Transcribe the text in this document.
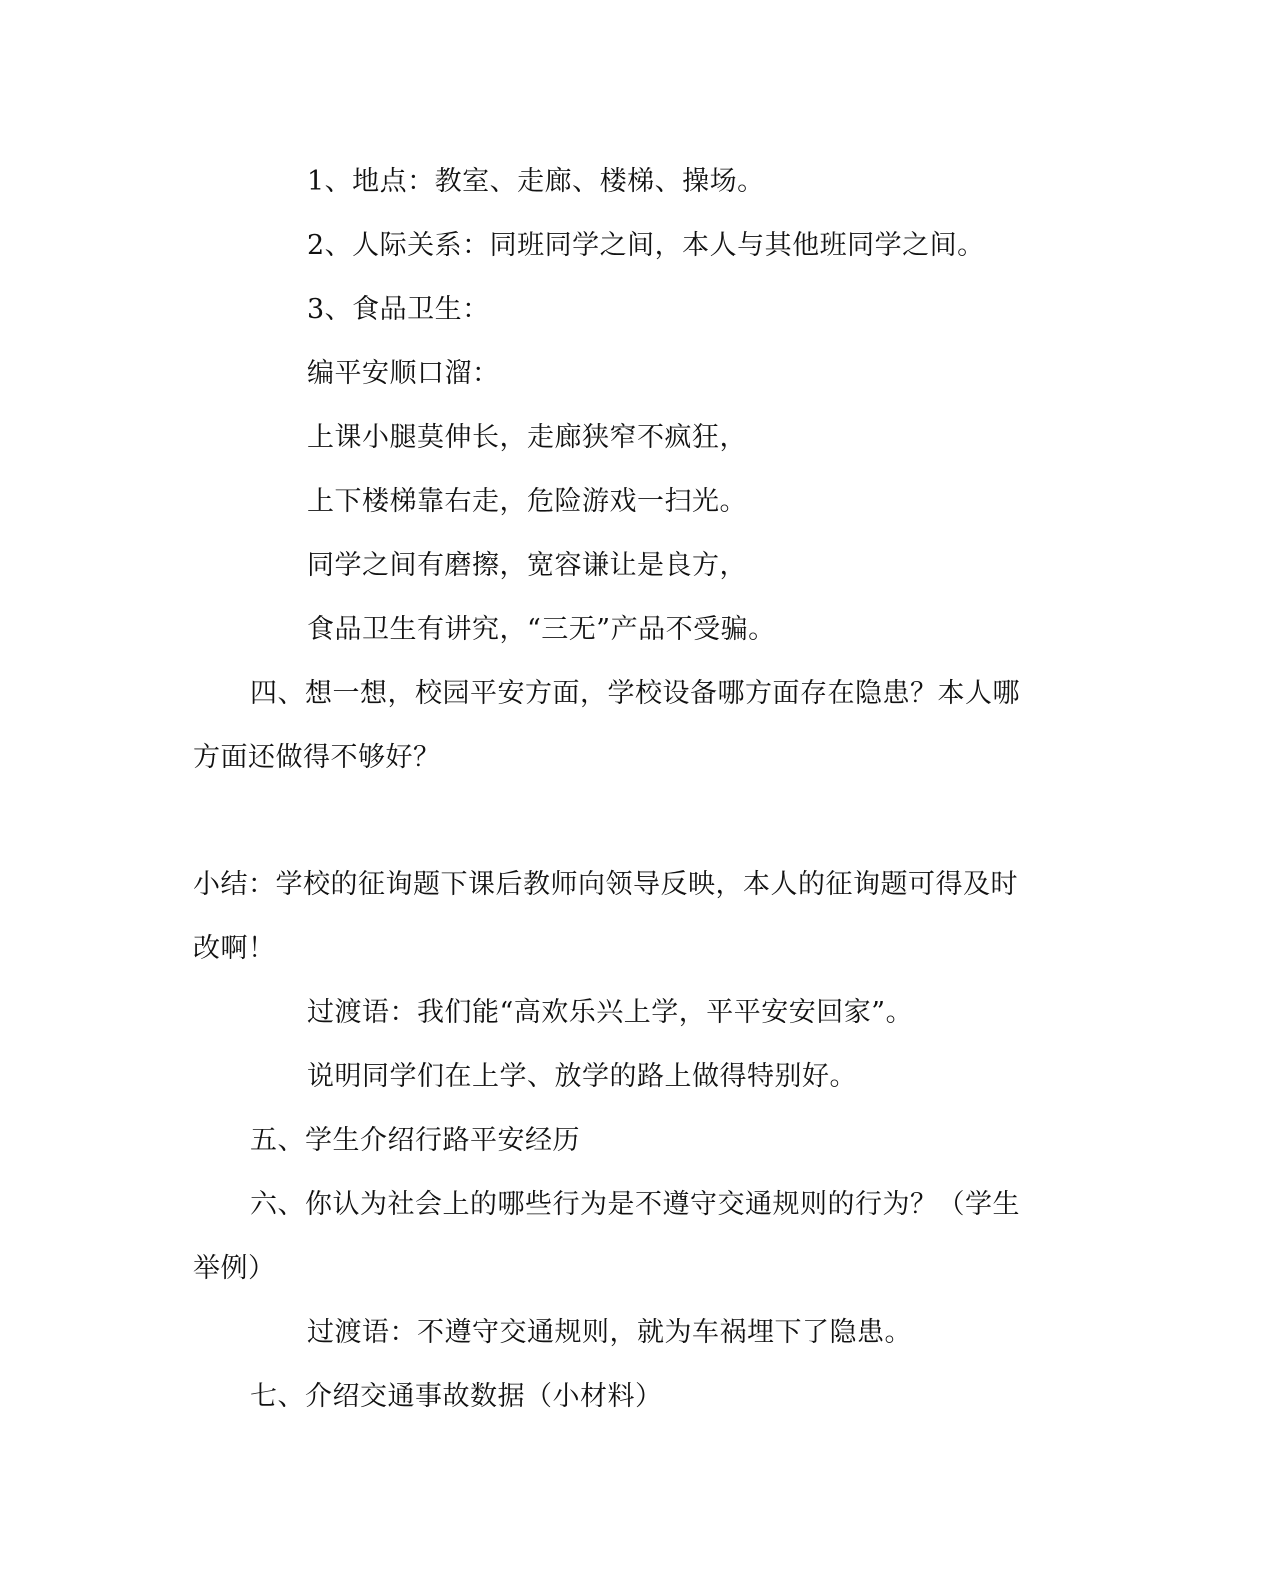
1、地点：教室、走廊、楼梯、操场。
2、人际关系：同班同学之间，本人与其他班同学之间。
3、食品卫生：
编平安顺口溜：
上课小腿莫伸长，走廊狭窄不疯狂，
上下楼梯靠右走，危险游戏一扫光。
同学之间有磨擦，宽容谦让是良方，
食品卫生有讲究，“三无”产品不受骗。
四、想一想，校园平安方面，学校设备哪方面存在隐患？本人哪
方面还做得不够好？
小结：学校的征询题下课后教师向领导反映，本人的征询题可得及时
改啊！
过渡语：我们能“高欢乐兴上学，平平安安回家”。
说明同学们在上学、放学的路上做得特别好。
五、学生介绍行路平安经历
六、你认为社会上的哪些行为是不遵守交通规则的行为？（学生
举例）
过渡语：不遵守交通规则，就为车祸埋下了隐患。
七、介绍交通事故数据（小材料）
